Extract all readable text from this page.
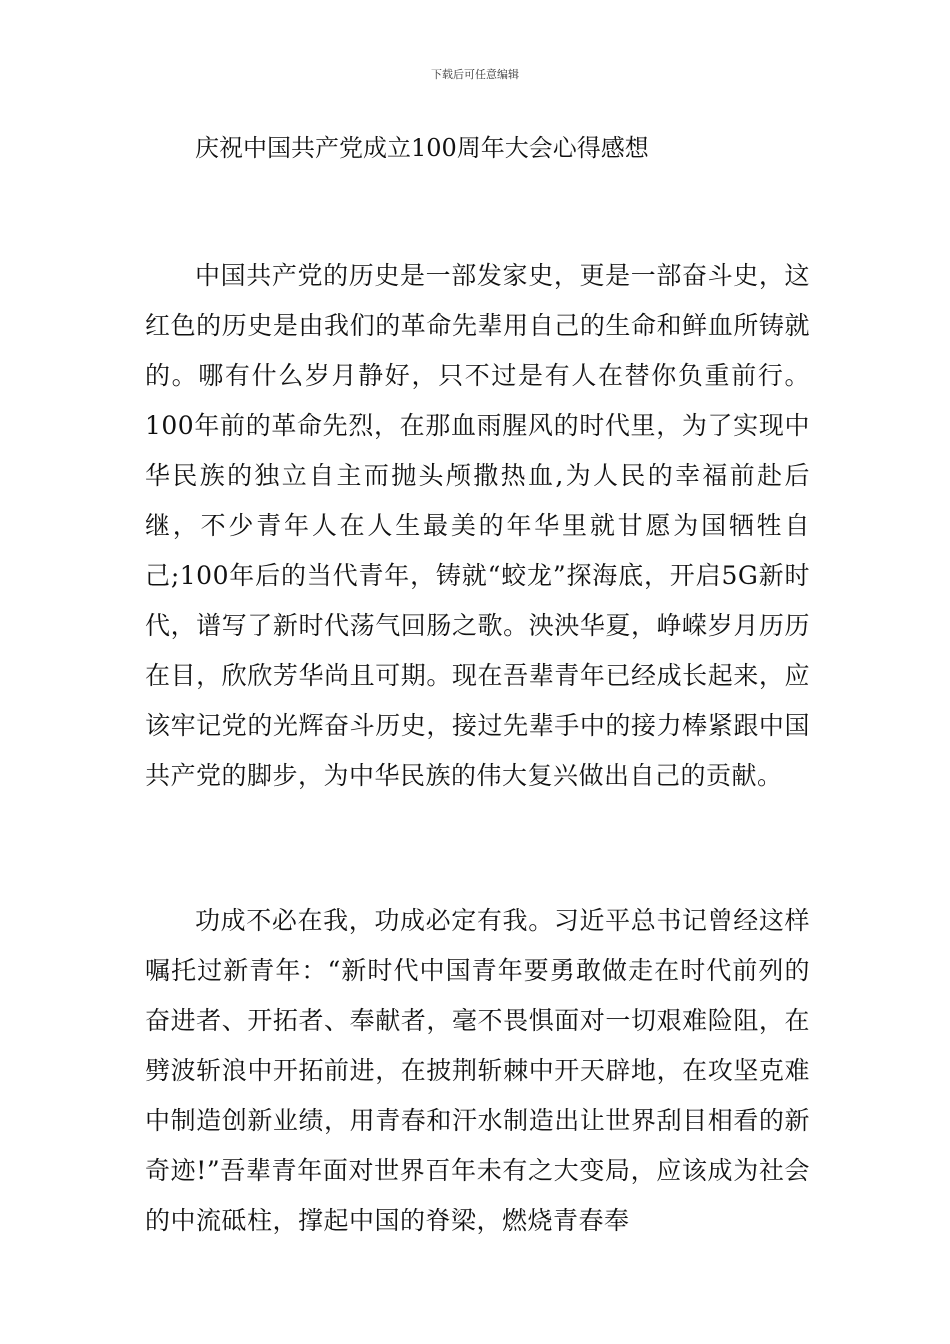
下载后可任意编辑
庆祝中国共产党成立100周年大会心得感想

中国共产党的历史是一部发家史，更是一部奋斗史，这红色的历史是由我们的革命先辈用自己的生命和鲜血所铸就的。哪有什么岁月静好，只不过是有人在替你负重前行。100年前的革命先烈，在那血雨腥风的时代里，为了实现中华民族的独立自主而抛头颅撒热血,为人民的幸福前赴后继，不少青年人在人生最美的年华里就甘愿为国牺牲自己;100年后的当代青年，铸就“蛟龙”探海底，开启5G新时代，谱写了新时代荡气回肠之歌。泱泱华夏，峥嵘岁月历历在目，欣欣芳华尚且可期。现在吾辈青年已经成长起来，应该牢记党的光辉奋斗历史，接过先辈手中的接力棒紧跟中国共产党的脚步，为中华民族的伟大复兴做出自己的贡献。

功成不必在我，功成必定有我。习近平总书记曾经这样嘱托过新青年：“新时代中国青年要勇敢做走在时代前列的奋进者、开拓者、奉献者，毫不畏惧面对一切艰难险阻，在劈波斩浪中开拓前进，在披荆斩棘中开天辟地，在攻坚克难中制造创新业绩，用青春和汗水制造出让世界刮目相看的新奇迹!”吾辈青年面对世界百年未有之大变局，应该成为社会的中流砥柱，撑起中国的脊梁，燃烧青春奉
